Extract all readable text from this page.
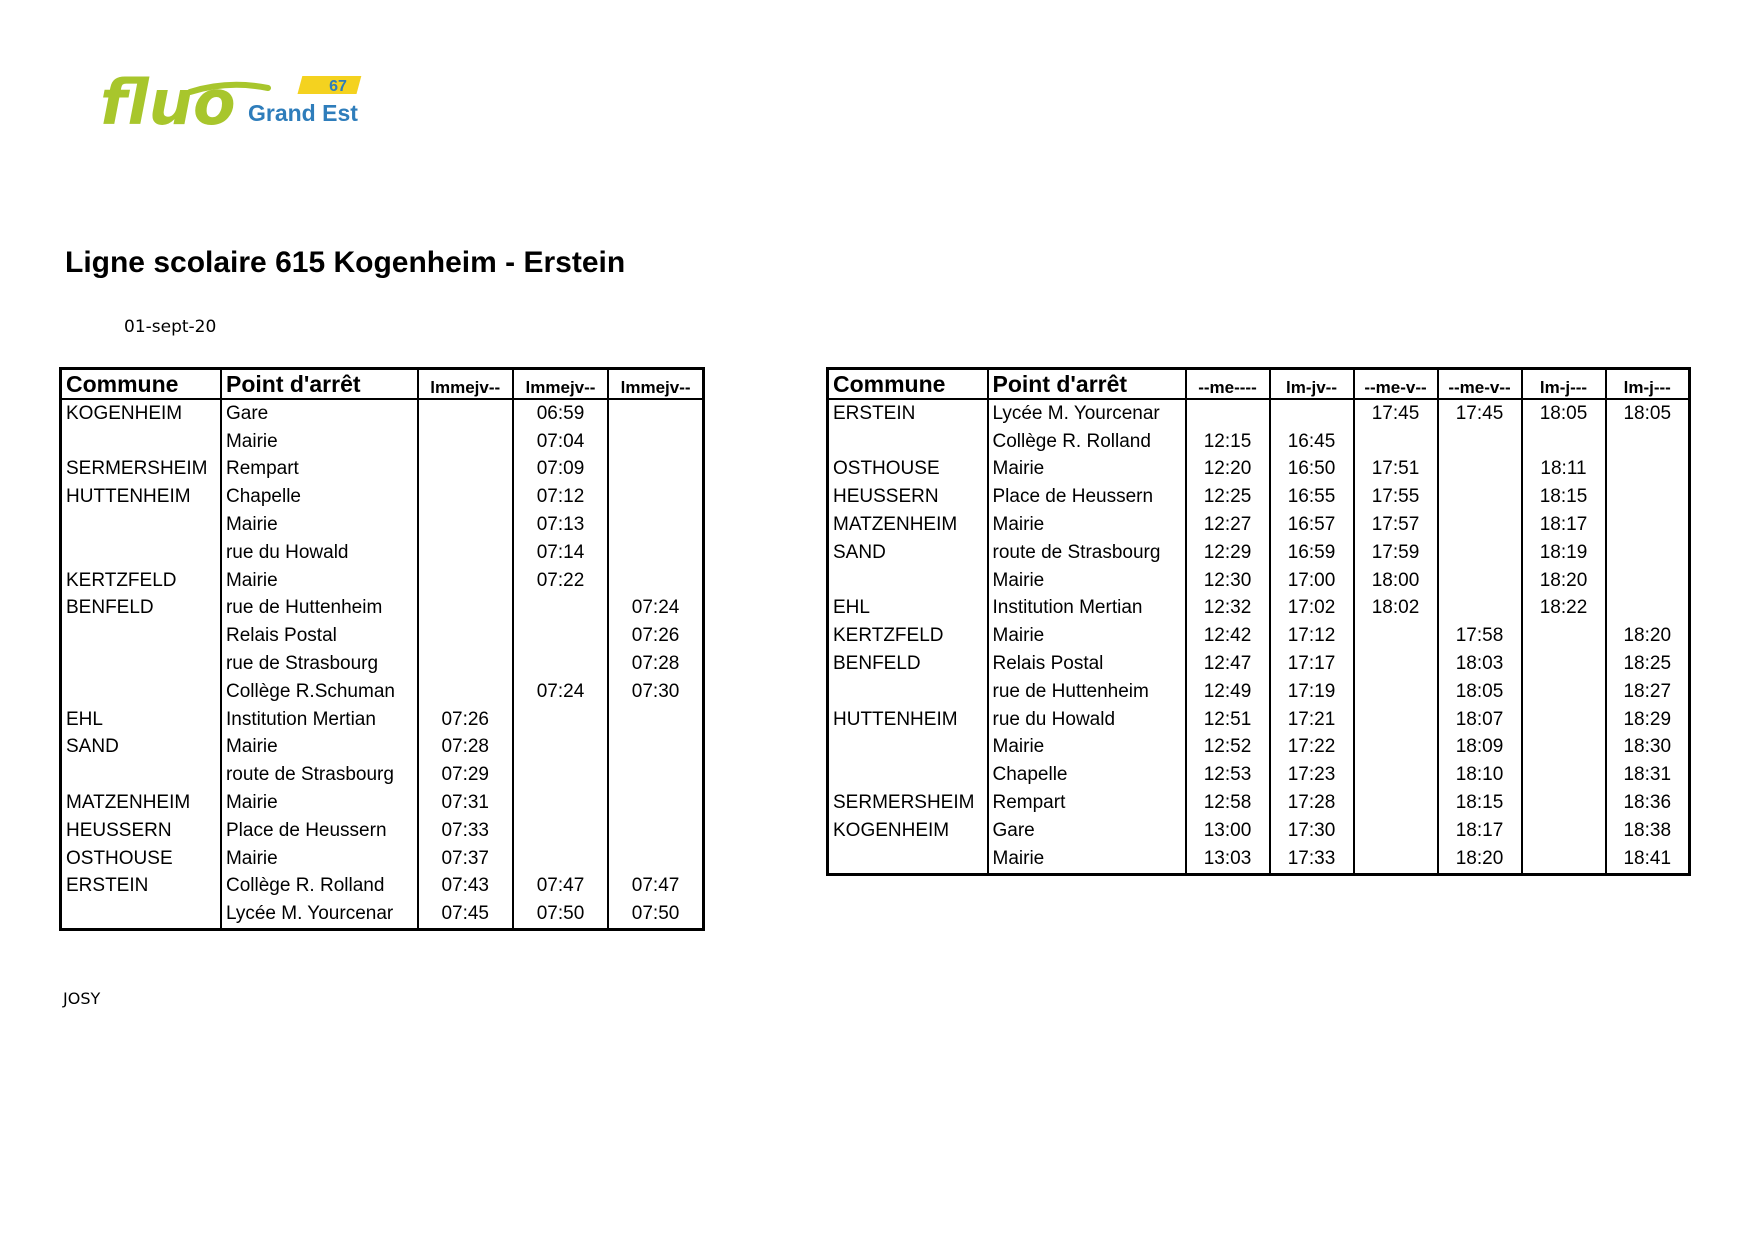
fluo	67
Grand Est
Ligne scolaire 615 Kogenheim - Erstein
01-sept-20
Commune	Point d'arrêt	lmmejv--	lmmejv--	lmmejv--
KOGENHEIM	Gare		06:59	
	Mairie		07:04	
SERMERSHEIM	Rempart		07:09	
HUTTENHEIM	Chapelle		07:12	
	Mairie		07:13	
	rue du Howald		07:14	
KERTZFELD	Mairie		07:22	
BENFELD	rue de Huttenheim			07:24
	Relais Postal			07:26
	rue de Strasbourg			07:28
	Collège R.Schuman		07:24	07:30
EHL	Institution Mertian	07:26		
SAND	Mairie	07:28		
	route de Strasbourg	07:29		
MATZENHEIM	Mairie	07:31		
HEUSSERN	Place de Heussern	07:33		
OSTHOUSE	Mairie	07:37		
ERSTEIN	Collège R. Rolland	07:43	07:47	07:47
	Lycée M. Yourcenar	07:45	07:50	07:50
Commune	Point d'arrêt	--me----	lm-jv--	--me-v--	--me-v--	lm-j---	lm-j---
ERSTEIN	Lycée M. Yourcenar			17:45	17:45	18:05	18:05
	Collège R. Rolland	12:15	16:45				
OSTHOUSE	Mairie	12:20	16:50	17:51		18:11	
HEUSSERN	Place de Heussern	12:25	16:55	17:55		18:15	
MATZENHEIM	Mairie	12:27	16:57	17:57		18:17	
SAND	route de Strasbourg	12:29	16:59	17:59		18:19	
	Mairie	12:30	17:00	18:00		18:20	
EHL	Institution Mertian	12:32	17:02	18:02		18:22	
KERTZFELD	Mairie	12:42	17:12		17:58		18:20
BENFELD	Relais Postal	12:47	17:17		18:03		18:25
	rue de Huttenheim	12:49	17:19		18:05		18:27
HUTTENHEIM	rue du Howald	12:51	17:21		18:07		18:29
	Mairie	12:52	17:22		18:09		18:30
	Chapelle	12:53	17:23		18:10		18:31
SERMERSHEIM	Rempart	12:58	17:28		18:15		18:36
KOGENHEIM	Gare	13:00	17:30		18:17		18:38
	Mairie	13:03	17:33		18:20		18:41
JOSY
